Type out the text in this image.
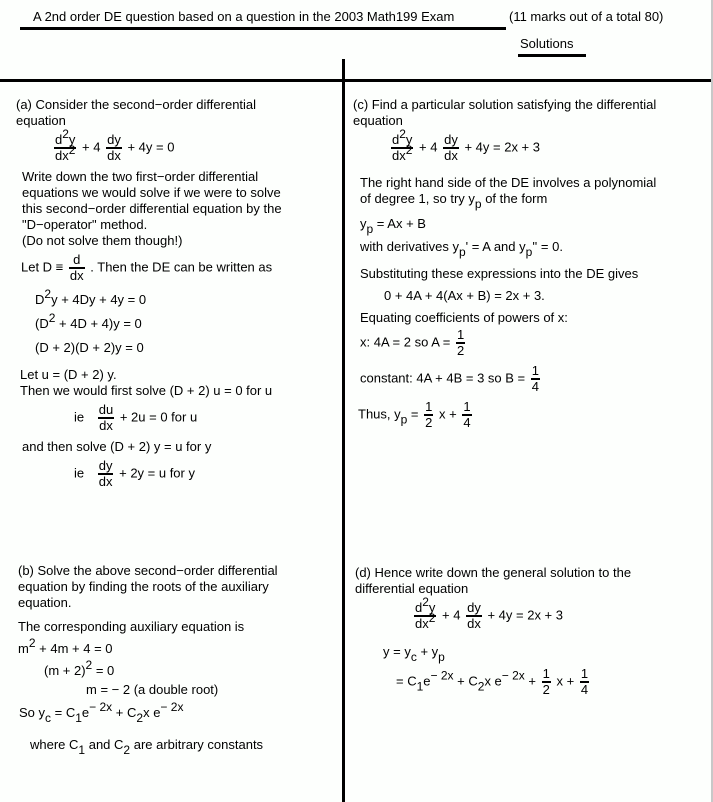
A 2nd order DE question based on a question in the 2003 Math199 Exam	(11 marks out of a total 80)
Solutions
(a) Consider the second−order differential
equation
$\frac{d^2y}{dx^2} + 4 \frac{dy}{dx} + 4y = 0$
Write down the two first−order differential
equations we would solve if we were to solve
this second−order differential equation by the
"D−operator" method.
(Do not solve them though!)
Let $D \equiv \frac{d}{dx}$ . Then the DE can be written as
$D^2y + 4Dy + 4y = 0$
$(D^2 + 4D + 4)y = 0$
(D + 2)(D + 2)y = 0
Let u = (D + 2) y.
Then we would first solve (D + 2) u = 0 for u
ie $\frac{du}{dx} + 2u = 0$ for u
and then solve (D + 2) y = u for y
ie $\frac{dy}{dx} + 2y = u$ for y
(b) Solve the above second−order differential
equation by finding the roots of the auxiliary
equation.
The corresponding auxiliary equation is
$m^2 + 4m + 4 = 0$
$(m + 2)^2 = 0$
m = − 2 (a double root)
So $y_c = C_1e^{- 2x} + C_2x$ $e^{- 2x}$
where $C_1$ and $C_2$ are arbitrary constants
(c) Find a particular solution satisfying the differential
equation
$\frac{d^2y}{dx^2} + 4 \frac{dy}{dx} + 4y = 2x + 3$
The right hand side of the DE involves a polynomial
of degree 1, so try $y_p$ of the form
$y_p = Ax + B$
with derivatives $y_p' = A$ and $y_p'' = 0$.
Substituting these expressions into the DE gives
0 + 4A + 4(Ax + B) = 2x + 3.
Equating coefficients of powers of x:
x: 4A = 2 so $A = \frac{1}{2}$
constant: 4A + 4B = 3 so $B = \frac{1}{4}$
Thus, $y_p = \frac{1}{2}$ $x + \frac{1}{4}$
(d) Hence write down the general solution to the
differential equation
$\frac{d^2y}{dx^2} + 4 \frac{dy}{dx} + 4y = 2x + 3$
$y = y_c + y_p$
= $C_1e^{- 2x} + C_2x$ $e^{- 2x} + \frac{1}{2}$ $x + \frac{1}{4}$
